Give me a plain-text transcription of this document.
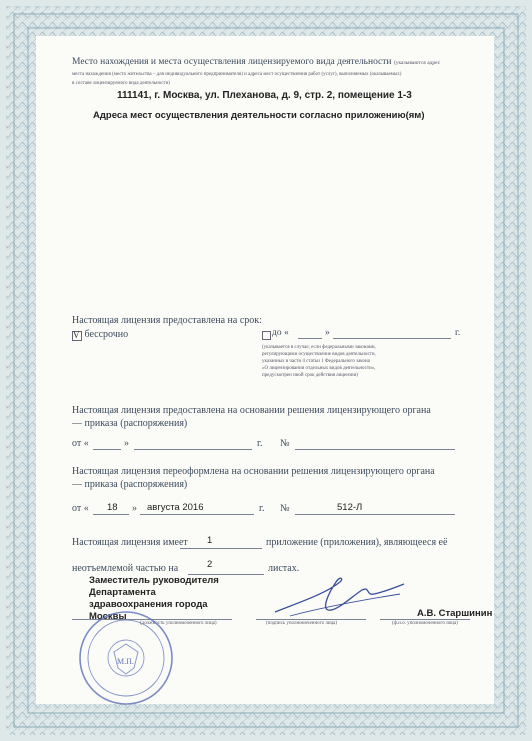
Место нахождения и места осуществления лицензируемого вида деятельности (указываются адрес
места нахождения (место жительства – для индивидуального предпринимателя) и адреса мест осуществления работ (услуг), выполняемых (оказываемых)
в составе лицензируемого вида деятельности)
111141, г. Москва, ул. Плеханова, д. 9, стр. 2, помещение 1-3
Адреса мест осуществления деятельности согласно приложению(ям)
Настоящая лицензия предоставлена на срок:
V бессрочно	до «	»	г.
(указывается в случае, если федеральными законами,
регулирующими осуществление видов деятельности,
указанных в части 4 статьи 1 Федерального закона
«О лицензировании отдельных видов деятельности»,
предусмотрен иной срок действия лицензии)
Настоящая лицензия предоставлена на основании решения лицензирующего органа
— приказа (распоряжения)
от «	»	г. №
Настоящая лицензия переоформлена на основании решения лицензирующего органа
— приказа (распоряжения)
от « 18 » августа 2016	г. №	512-Л
Настоящая лицензия имеет 1	приложение (приложения), являющееся её
неотъемлемой частью на	2	листах.
Заместитель руководителя
Департамента
здравоохранения города
Москвы	А.В. Старшинин
(должность уполномоченного лица)	(подпись уполномоченного лица)	(ф.и.о. уполномоченного лица)
М.П.
